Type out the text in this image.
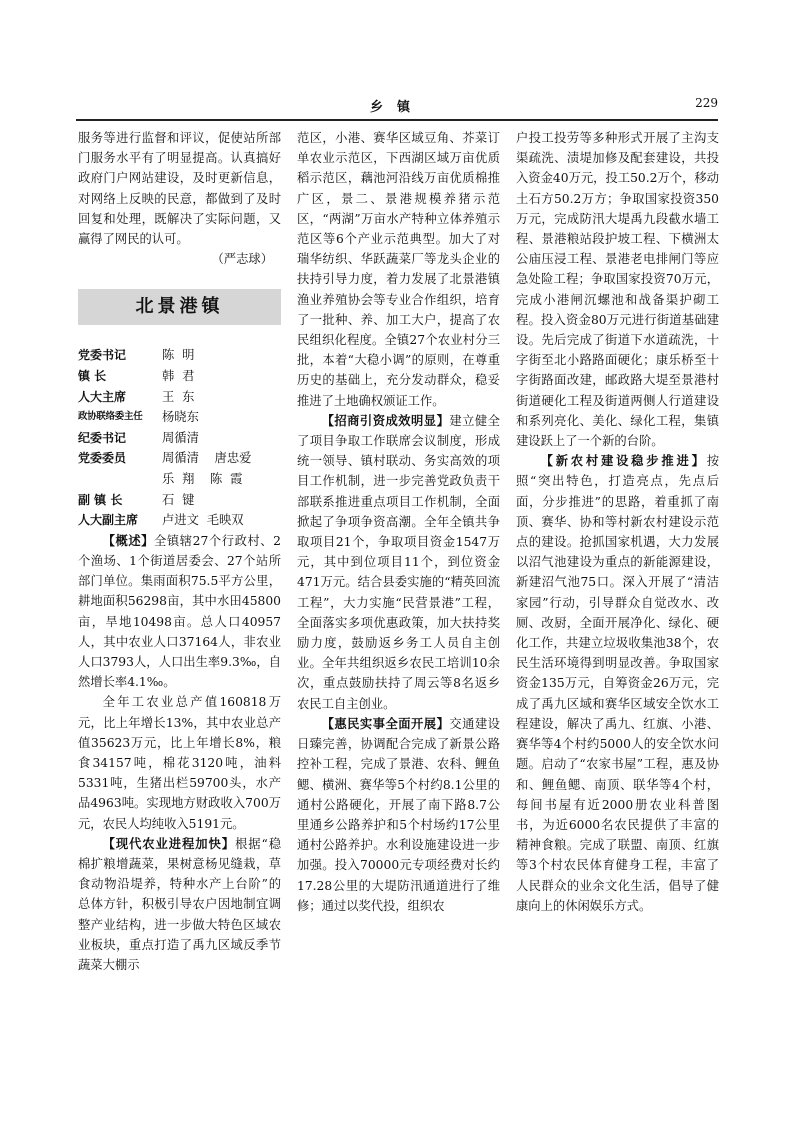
乡镇	229

服务等进行监督和评议，促使站所部门服务水平有了明显提高。认真搞好政府门户网站建设，及时更新信息，对网络上反映的民意，都做到了及时回复和处理，既解决了实际问题，又赢得了网民的认可。

（严志球）

北景港镇
党委书记	陈  明
镇 长	韩  君
人大主席	王  东
政协联络委主任	杨晓东
纪委书记	周循清
党委委员	周循清    唐忠爱
乐  翔    陈  霞
副 镇 长	石  键
人大副主席	卢进文  毛映双

【概述】全镇辖27个行政村、2个渔场、1个街道居委会、27个站所部门单位。集雨面积75.5平方公里，耕地面积56298亩，其中水田45800亩，旱地10498亩。总人口40957人，其中农业人口37164人，非农业人口3793人，人口出生率9.3‰，自然增长率4.1‰。

全年工农业总产值160818万元，比上年增长13%，其中农业总产值35623万元，比上年增长8%，粮食34157吨，棉花3120吨，油料5331吨，生猪出栏59700头，水产品4963吨。实现地方财政收入700万元，农民人均纯收入5191元。

【现代农业进程加快】根据“稳棉扩粮增蔬菜，果树意杨见缝栽，草食动物沿堤养，特种水产上台阶”的总体方针，积极引导农户因地制宜调整产业结构，进一步做大特色区域农业板块，重点打造了禹九区域反季节蔬菜大棚示

范区，小港、赛华区域豆角、芥菜订单农业示范区，下西湖区域万亩优质稻示范区，藕池河沿线万亩优质棉推广区，景二、景港规模养猪示范区，“两湖”万亩水产特种立体养殖示范区等6个产业示范典型。加大了对瑞华纺织、华跃蔬菜厂等龙头企业的扶持引导力度，着力发展了北景港镇渔业养殖协会等专业合作组织，培育了一批种、养、加工大户，提高了农民组织化程度。全镇27个农业村分三批，本着“大稳小调”的原则，在尊重历史的基础上，充分发动群众，稳妥推进了土地确权颁证工作。

【招商引资成效明显】建立健全了项目争取工作联席会议制度，形成统一领导、镇村联动、务实高效的项目工作机制，进一步完善党政负责干部联系推进重点项目工作机制，全面掀起了争项争资高潮。全年全镇共争取项目21个，争取项目资金1547万元，其中到位项目11个，到位资金471万元。结合县委实施的“精英回流工程”，大力实施“民营景港”工程，全面落实多项优惠政策，加大扶持奖励力度，鼓励返乡务工人员自主创业。全年共组织返乡农民工培训10余次，重点鼓励扶持了周云等8名返乡农民工自主创业。

【惠民实事全面开展】交通建设日臻完善，协调配合完成了新景公路控补工程，完成了景港、农科、鲤鱼鳃、横洲、赛华等5个村约8.1公里的通村公路硬化，开展了南下路8.7公里通乡公路养护和5个村场约17公里通村公路养护。水利设施建设进一步加强。投入70000元专项经费对长约17.28公里的大堤防汛通道进行了维修；通过以奖代投，组织农

户投工投劳等多种形式开展了主沟支渠疏洗、渍堤加修及配套建设，共投入资金40万元，投工50.2万个，移动土石方50.2万方；争取国家投资350万元，完成防汛大堤禹九段截水墙工程、景港粮站段护坡工程、下横洲太公庙压浸工程、景港老电排闸门等应急处险工程；争取国家投资70万元，完成小港闸沉螺池和战备渠护砌工程。投入资金80万元进行街道基础建设。先后完成了街道下水道疏洗，十字街至北小路路面硬化；康乐桥至十字街路面改建，邮政路大堤至景港村街道硬化工程及街道两侧人行道建设和系列亮化、美化、绿化工程，集镇建设跃上了一个新的台阶。

【新农村建设稳步推进】按照“突出特色，打造亮点，先点后面，分步推进”的思路，着重抓了南顶、赛华、协和等村新农村建设示范点的建设。抢抓国家机遇，大力发展以沼气池建设为重点的新能源建设，新建沼气池75口。深入开展了“清洁家园”行动，引导群众自觉改水、改厕、改厨，全面开展净化、绿化、硬化工作，共建立垃圾收集池38个，农民生活环境得到明显改善。争取国家资金135万元，自筹资金26万元，完成了禹九区域和赛华区域安全饮水工程建设，解决了禹九、红旗、小港、赛华等4个村约5000人的安全饮水问题。启动了“农家书屋”工程，惠及协和、鲤鱼鳃、南顶、联华等4个村，每间书屋有近2000册农业科普图书，为近6000名农民提供了丰富的精神食粮。完成了联盟、南顶、红旗等3个村农民体育健身工程，丰富了人民群众的业余文化生活，倡导了健康向上的休闲娱乐方式。
